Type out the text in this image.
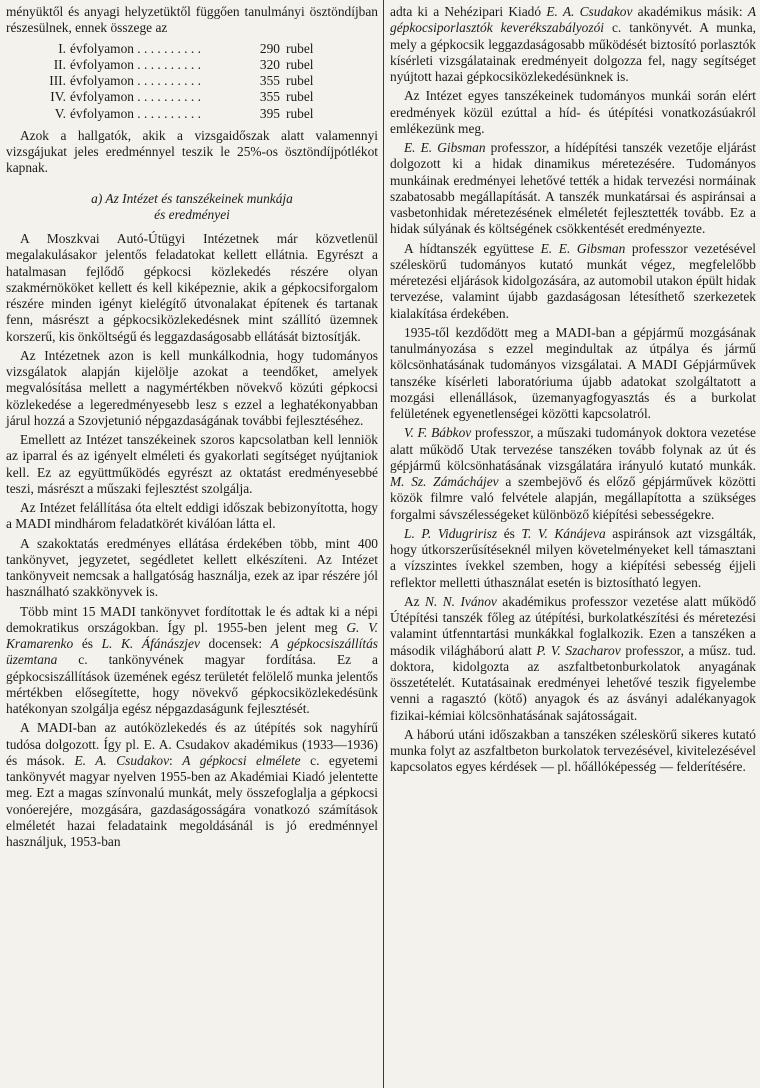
ményüktől és anyagi helyzetüktől függően tanulmányi ösztöndíjban részesülnek, ennek összege az

I. évfolyamon . . . . . . . . . .	290 rubel
II. évfolyamon . . . . . . . . . .	320 rubel
III. évfolyamon . . . . . . . . . .	355 rubel
IV. évfolyamon . . . . . . . . . .	355 rubel
V. évfolyamon . . . . . . . . . .	395 rubel

Azok a hallgatók, akik a vizsgaidőszak alatt valamennyi vizsgájukat jeles eredménnyel teszik le 25%-os ösztöndíjpótlékot kapnak.

a) Az Intézet és tanszékeinek munkája
és eredményei

A Moszkvai Autó-Útügyi Intézetnek már közvetlenül megalakulásakor jelentős feladatokat kellett ellátnia. Egyrészt a hatalmasan fejlődő gépkocsi közlekedés részére olyan szakmérnököket kellett és kell kiképeznie, akik a gépkocsiforgalom részére minden igényt kielégítő útvonalakat építenek és tartanak fenn, másrészt a gépkocsiközlekedésnek mint szállító üzemnek korszerű, kis önköltségű és leggazdaságosabb ellátását biztosítják.

Az Intézetnek azon is kell munkálkodnia, hogy tudományos vizsgálatok alapján kijelölje azokat a teendőket, amelyek megvalósítása mellett a nagymértékben növekvő közúti gépkocsi közlekedése a legeredményesebb lesz s ezzel a leghatékonyabban járul hozzá a Szovjetunió népgazdaságának további fejlesztéséhez.

Emellett az Intézet tanszékeinek szoros kapcsolatban kell lenniök az iparral és az igényelt elméleti és gyakorlati segítséget nyújtaniok kell. Ez az együttműködés egyrészt az oktatást eredményesebbé teszi, másrészt a műszaki fejlesztést szolgálja.

Az Intézet felállítása óta eltelt eddigi időszak bebizonyította, hogy a MADI mindhárom feladatkörét kiválóan látta el.

A szakoktatás eredményes ellátása érdekében több, mint 400 tankönyvet, jegyzetet, segédletet kellett elkészíteni. Az Intézet tankönyveit nemcsak a hallgatóság használja, ezek az ipar részére jól használható szakkönyvek is.

Több mint 15 MADI tankönyvet fordítottak le és adtak ki a népi demokratikus országokban. Így pl. 1955-ben jelent meg G. V. Kramarenko és L. K. Áfánászjev docensek: A gépkocsiszállítás üzemtana c. tankönyvének magyar fordítása. Ez a gépkocsiszállítások üzemének egész területét felölelő munka jelentős mértékben elősegítette, hogy növekvő gépkocsiközlekedésünk hatékonyan szolgálja egész népgazdaságunk fejlesztését.

A MADI-ban az autóközlekedés és az útépítés sok nagyhírű tudósa dolgozott. Így pl. E. A. Csudakov akadémikus (1933—1936) és mások. E. A. Csudakov: A gépkocsi elmélete c. egyetemi tankönyvét magyar nyelven 1955-ben az Akadémiai Kiadó jelentette meg. Ezt a magas színvonalú munkát, mely összefoglalja a gépkocsi vonóerejére, mozgására, gazdaságosságára vonatkozó számítások elméletét hazai feladataink megoldásánál is jó eredménnyel használjuk, 1953-ban

adta ki a Nehézipari Kiadó E. A. Csudakov akadémikus másik: A gépkocsiporlasztók keverékszabályozói c. tankönyvét. A munka, mely a gépkocsik leggazdaságosabb működését biztosító porlasztók kísérleti vizsgálatainak eredményeit dolgozza fel, nagy segítséget nyújtott hazai gépkocsiközlekedésünknek is.

Az Intézet egyes tanszékeinek tudományos munkái során elért eredmények közül ezúttal a híd- és útépítési vonatkozásúakról emlékezünk meg.

E. E. Gibsman professzor, a hídépítési tanszék vezetője eljárást dolgozott ki a hidak dinamikus méretezésére. Tudományos munkáinak eredményei lehetővé tették a hidak tervezési normáinak szabatosabb megállapítását. A tanszék munkatársai és aspiránsai a vasbetonhidak méretezésének elméletét fejlesztették tovább. Ez a hidak súlyának és költségének csökkentését eredményezte.

A hídtanszék együttese E. E. Gibsman professzor vezetésével széleskörű tudományos kutató munkát végez, megfelelőbb méretezési eljárások kidolgozására, az automobil utakon épült hidak tervezése, valamint újabb gazdaságosan létesíthető szerkezetek kialakítása érdekében.

1935-től kezdődött meg a MADI-ban a gépjármű mozgásának tanulmányozása s ezzel megindultak az útpálya és jármű kölcsönhatásának tudományos vizsgálatai. A MADI Gépjárművek tanszéke kísérleti laboratóriuma újabb adatokat szolgáltatott a mozgási ellenállások, üzemanyagfogyasztás és a burkolat felületének egyenetlenségei közötti kapcsolatról.

V. F. Bábkov professzor, a műszaki tudományok doktora vezetése alatt működő Utak tervezése tanszéken tovább folynak az út és gépjármű kölcsönhatásának vizsgálatára irányuló kutató munkák. M. Sz. Zámáchájev a szembejövő és előző gépjárművek közötti közök filmre való felvétele alapján, megállapította a szükséges forgalmi sávszélességeket különböző kiépítési sebességekre.

L. P. Vidugririsz és T. V. Kánájeva aspiránsok azt vizsgálták, hogy útkorszerűsítéseknél milyen követelményeket kell támasztani a vízszintes ívekkel szemben, hogy a kiépítési sebesség éjjeli reflektor melletti úthasználat esetén is biztosítható legyen.

Az N. N. Ivánov akadémikus professzor vezetése alatt működő Útépítési tanszék főleg az útépítési, burkolatkészítési és méretezési valamint útfenntartási munkákkal foglalkozik. Ezen a tanszéken a második világháború alatt P. V. Szacharov professzor, a műsz. tud. doktora, kidolgozta az aszfaltbetonburkolatok anyagának összetételét. Kutatásainak eredményei lehetővé teszik figyelembe venni a ragasztó (kötő) anyagok és az ásványi adalékanyagok fizikai-kémiai kölcsönhatásának sajátosságait.

A háború utáni időszakban a tanszéken széleskörű sikeres kutató munka folyt az aszfaltbeton burkolatok tervezésével, kivitelezésével kapcsolatos egyes kérdések — pl. hőállóképesség — felderítésére.
